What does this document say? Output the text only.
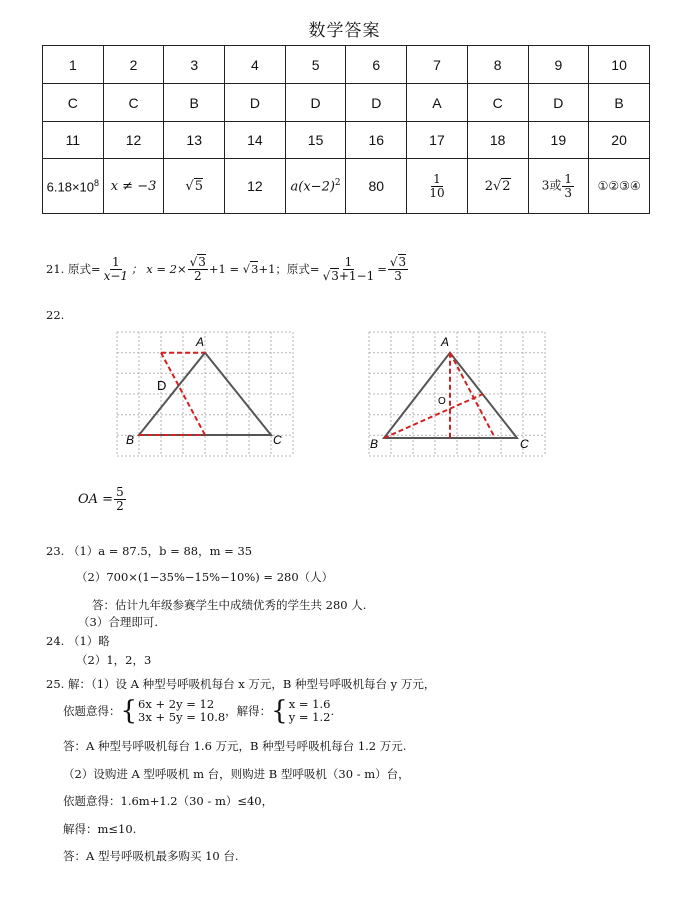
数学答案
1	2	3	4	5	6	7	8	9	10
C	C	B	D	D	D	A	C	D	B
11	12	13	14	15	16	17	18	19	20
$6.18\times 10^8$	x ≠ −3	√5	12	$a(x-2)^2$	80	$\frac{1}{10}$	2√2	3或 $\frac{1}{3}$	①②③④
21. 原式= $\frac{1}{x-1}$ ； $x = 2\times \frac{√3}{2} +1 = √3 +1$；原式= $\frac{1}{√3+1-1} = \frac{√3}{3}$
22.
A
B	C
D
A
B	C
O
OA = $\frac{5}{2}$
23. （1）a = 87.5，b = 88，m = 35
（2）700×(1−35%−15%−10%) = 280（人）
答：估计九年级参赛学生中成绩优秀的学生共 280 人.
（3）合理即可.
24. （1）略
（2）1，2，3
25. 解：（1）设 A 种型号呼吸机每台 x 万元，B 种型号呼吸机每台 y 万元，
依题意得： { 6x + 2y = 12
3x + 5y = 10.8 ，解得： { x = 1.6
y = 1.2 .
答：A 种型号呼吸机每台 1.6 万元，B 种型号呼吸机每台 1.2 万元.
（2）设购进 A 型呼吸机 m 台，则购进 B 型呼吸机（30 - m）台，
依题意得：1.6m+1.2（30 - m）≤40，
解得：m≤10.
答：A 型号呼吸机最多购买 10 台.
